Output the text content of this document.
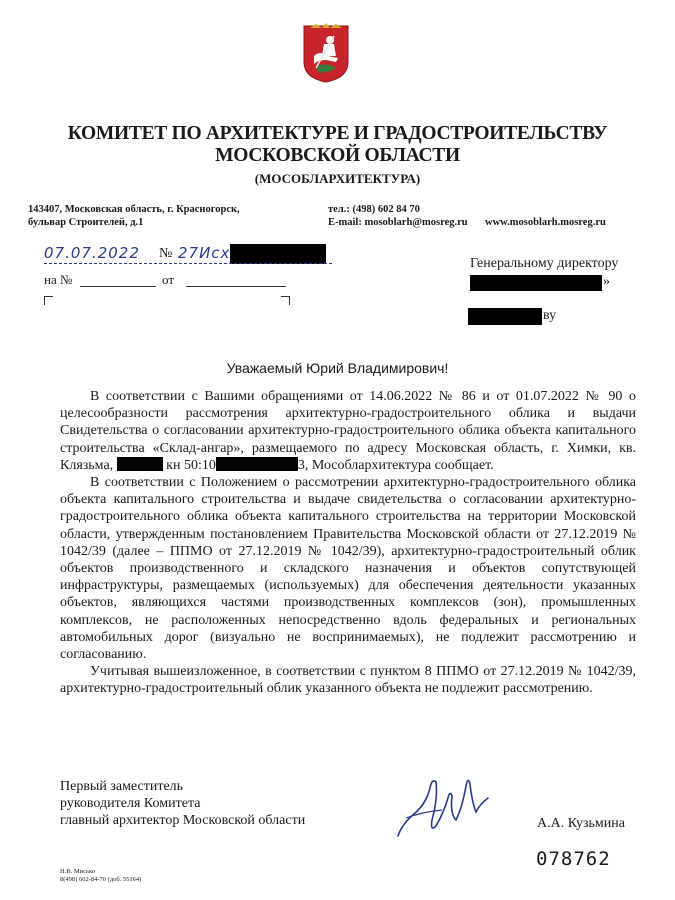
КОМИТЕТ ПО АРХИТЕКТУРЕ И ГРАДОСТРОИТЕЛЬСТВУ
МОСКОВСКОЙ ОБЛАСТИ
(МОСОБЛАРХИТЕКТУРА)
143407, Московская область, г. Красногорск,
бульвар Строителей, д.1
тел.: (498) 602 84 70
E-mail: mosoblarh@mosreg.ru www.mosoblarh.mosreg.ru
07.07.2022 № 27Исх
на №	от
Генеральному директору
»
ву
Уважаемый Юрий Владимирович!

В соответствии с Вашими обращениями от 14.06.2022 № 86 и от 01.07.2022 № 90 о целесообразности рассмотрения архитектурно-градостроительного облика и выдачи Свидетельства о согласовании архитектурно-градостроительного облика объекта капитального строительства «Склад-ангар», размещаемого по адресу Московская область, г. Химки, кв. Клязьма,	кн 50:10	3, Мособлархитектура сообщает.

В соответствии с Положением о рассмотрении архитектурно-градостроительного облика объекта капитального строительства и выдаче свидетельства о согласовании архитектурно-градостроительного облика объекта капитального строительства на территории Московской области, утвержденным постановлением Правительства Московской области от 27.12.2019 № 1042/39 (далее – ППМО от 27.12.2019 № 1042/39), архитектурно-градостроительный облик объектов производственного и складского назначения и объектов сопутствующей инфраструктуры, размещаемых (используемых) для обеспечения деятельности указанных объектов, являющихся частями производственных комплексов (зон), промышленных комплексов, не расположенных непосредственно вдоль федеральных и региональных автомобильных дорог (визуально не воспринимаемых), не подлежит рассмотрению и согласованию.

Учитывая вышеизложенное, в соответствии с пунктом 8 ППМО от 27.12.2019 № 1042/39, архитектурно-градостроительный облик указанного объекта не подлежит рассмотрению.

Первый заместитель
руководителя Комитета
главный архитектор Московской области	А.А. Кузьмина
078762
Н.В. Мисько
8(498) 602-84-70 (доб. 55164)
